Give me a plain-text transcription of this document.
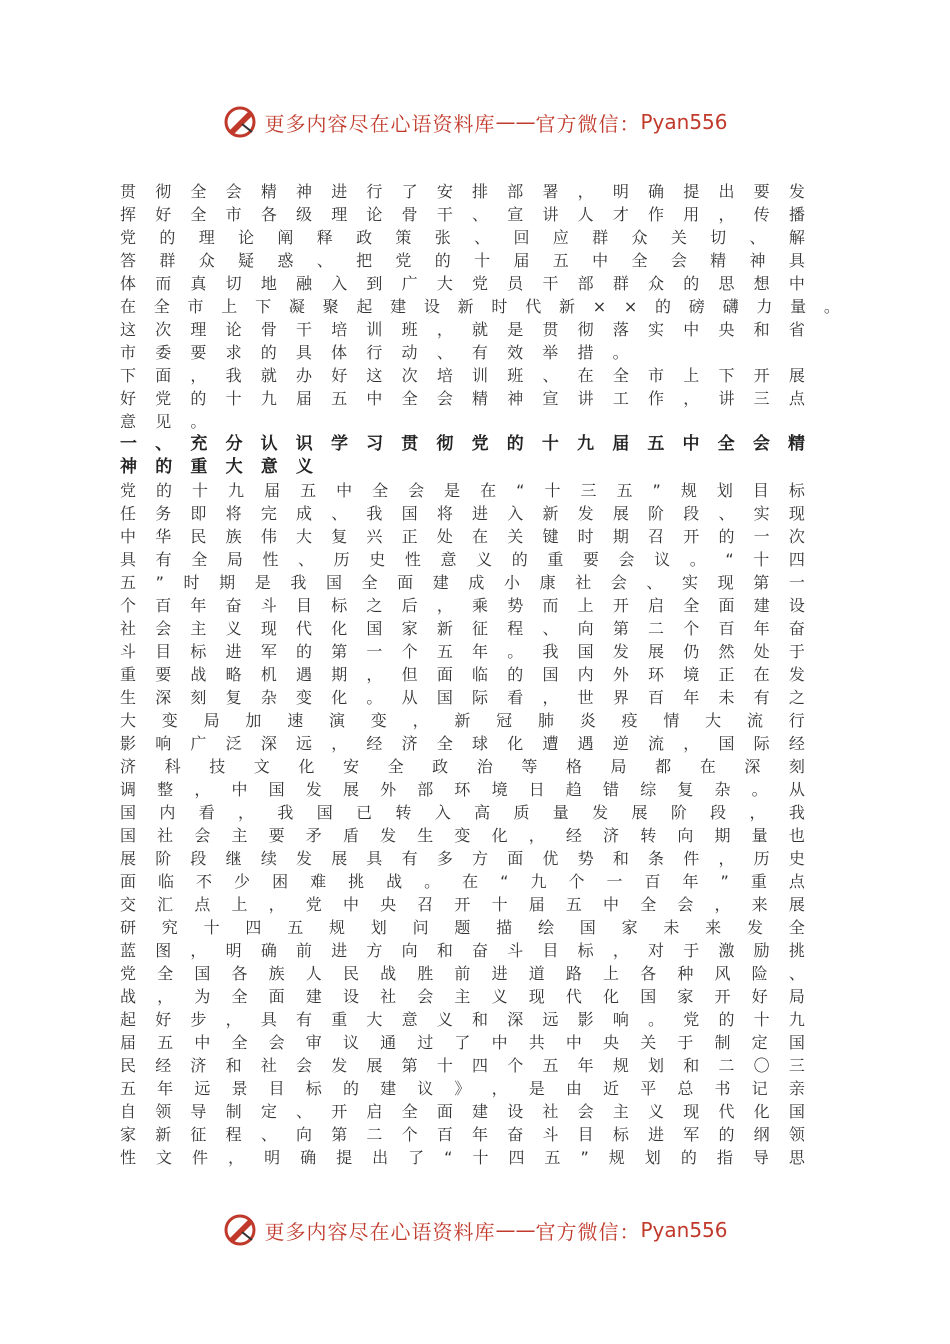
更多内容尽在心语资料库 —— 官方微信： Pyan556
贯 彻 全 会 精 神 进 行 了 安 排 部 署 ， 明 确 提 出 要 发
挥 好 全 市 各 级 理 论 骨 干 、 宣 讲 人 才 作 用 ， 传 播
党 的 理 论 阐 释 政 策 张 、 回 应 群 众 关 切 、 解
答 群 众 疑 惑 、 把 党 的 十 届 五 中 全 会 精 神 具
体 而 真 切 地 融 入 到 广 大 党 员 干 部 群 众 的 思 想 中
在 全 市 上 下 凝 聚 起 建 设 新 时 代 新 × × 的 磅 礴 力 量 。
这 次 理 论 骨 干 培 训 班 ， 就 是 贯 彻 落 实 中 央 和 省
市	委	要	求	的	具	体	行	动	、	有	效	举	措	。
下 面 ， 我 就 办 好 这 次 培 训 班 、 在 全 市 上 下 开 展
好 党 的 十 九 届 五 中 全 会 精 神 宣 讲 工 作 ， 讲 三 点
意	见	。
一 、 充 分 认 识 学 习 贯 彻 党 的 十 九 届 五 中 全 会 精
神	的	重	大	意	义
党 的 十 九 届 五 中 全 会 是 在 “ 十 三 五 ” 规 划 目 标
任 务 即 将 完 成 、 我 国 将 进 入 新 发 展 阶 段 、 实 现
中 华 民 族 伟 大 复 兴 正 处 在 关 键 时 期 召 开 的 一 次
具 有 全 局 性 、 历 史 性 意 义 的 重 要 会 议 。 “ 十 四
五 ” 时 期 是 我 国 全 面 建 成 小 康 社 会 、 实 现 第 一
个 百 年 奋 斗 目 标 之 后 ， 乘 势 而 上 开 启 全 面 建 设
社 会 主 义 现 代 化 国 家 新 征 程 、 向 第 二 个 百 年 奋
斗 目 标 进 军 的 第 一 个 五 年 。 我 国 发 展 仍 然 处 于
重 要 战 略 机 遇 期 ， 但 面 临 的 国 内 外 环 境 正 在 发
生 深 刻 复 杂 变 化 。 从 国 际 看 ， 世 界 百 年 未 有 之
大 变 局 加 速 演 变 ， 新 冠 肺 炎 疫 情 大 流 行
影 响 广 泛 深 远 ， 经 济 全 球 化 遭 遇 逆 流 ， 国 际 经
济 科 技 文 化 安 全 政 治 等 格 局 都 在 深 刻
调 整 ， 中 国 发 展 外 部 环 境 日 趋 错 综 复 杂 。 从
国 内 看 ， 我 国 已 转 入 高 质 量 发 展 阶 段 ， 我
国 社 会 主 要 矛 盾 发 生 变 化 ， 经 济 转 向 期 量 也
展 阶 段 继 续 发 展 具 有 多 方 面 优 势 和 条 件 ， 历 史
面 临 不 少 困 难 挑 战 。 在 “ 九 个 一 百 年 ” 重 点
交 汇 点 上 ， 党 中 央 召 开 十 届 五 中 全 会 ， 来 展
研 究 十 四 五 规 划 问 题 描 绘 国 家 未 来 发 全
蓝 图 ， 明 确 前 进 方 向 和 奋 斗 目 标 ， 对 于 激 励 挑
党 全 国 各 族 人 民 战 胜 前 进 道 路 上 各 种 风 险 、
战 ， 为 全 面 建 设 社 会 主 义 现 代 化 国 家 开 好 局
起 好 步 ， 具 有 重 大 意 义 和 深 远 影 响 。 党 的 十 九
届 五 中 全 会 审 议 通 过 了 中 共 中 央 关 于 制 定 国
民 经 济 和 社 会 发 展 第 十 四 个 五 年 规 划 和 二 〇 三
五 年 远 景 目 标 的 建 议 》 ， 是 由 近 平 总 书 记 亲
自 领 导 制 定 、 开 启 全 面 建 设 社 会 主 义 现 代 化 国
家 新 征 程 、 向 第 二 个 百 年 奋 斗 目 标 进 军 的 纲 领
性 文 件 ， 明 确 提 出 了 “ 十 四 五 ” 规 划 的 指 导 思
更多内容尽在心语资料库 —— 官方微信： Pyan556
